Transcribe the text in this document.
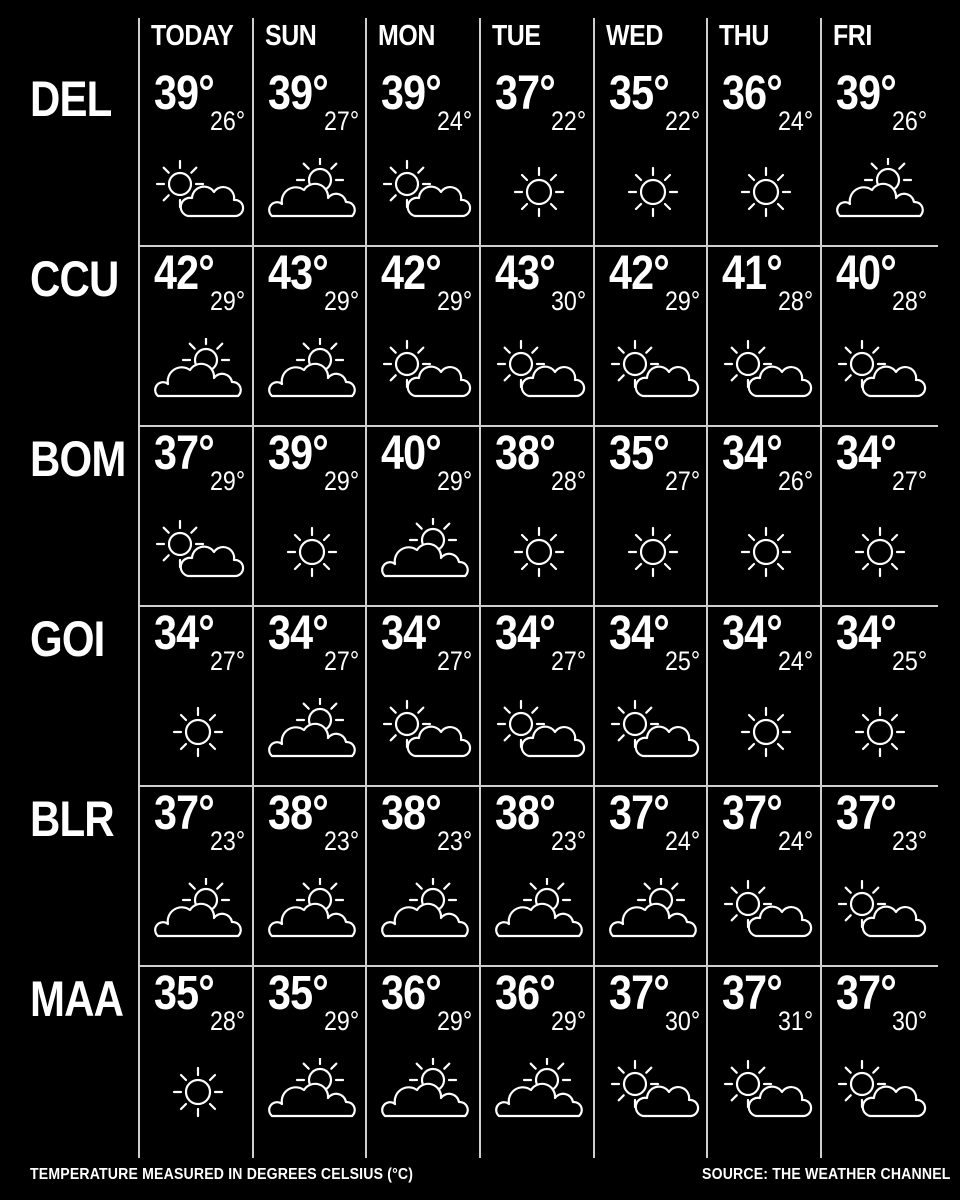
TODAY SUN MON TUE WED THU FRI
DEL 39°
26°
39°
27°
39°
24°
37°
22°
35°
22°
36°
24°
39°
26°
CCU 42°
29°
43°
29°
42°
29°
43°
30°
42°
29°
41°
28°
40°
28°
BOM 37°
29°
39°
29°
40°
29°
38°
28°
35°
27°
34°
26°
34°
27°
GOI 34°
27°
34°
27°
34°
27°
34°
27°
34°
25°
34°
24°
34°
25°
BLR 37°
23°
38°
23°
38°
23°
38°
23°
37°
24°
37°
24°
37°
23°
MAA 35°
28°
35°
29°
36°
29°
36°
29°
37°
30°
37°
31°
37°
30°
TEMPERATURE MEASURED IN DEGREES CELSIUS (°C)	SOURCE: THE WEATHER CHANNEL
